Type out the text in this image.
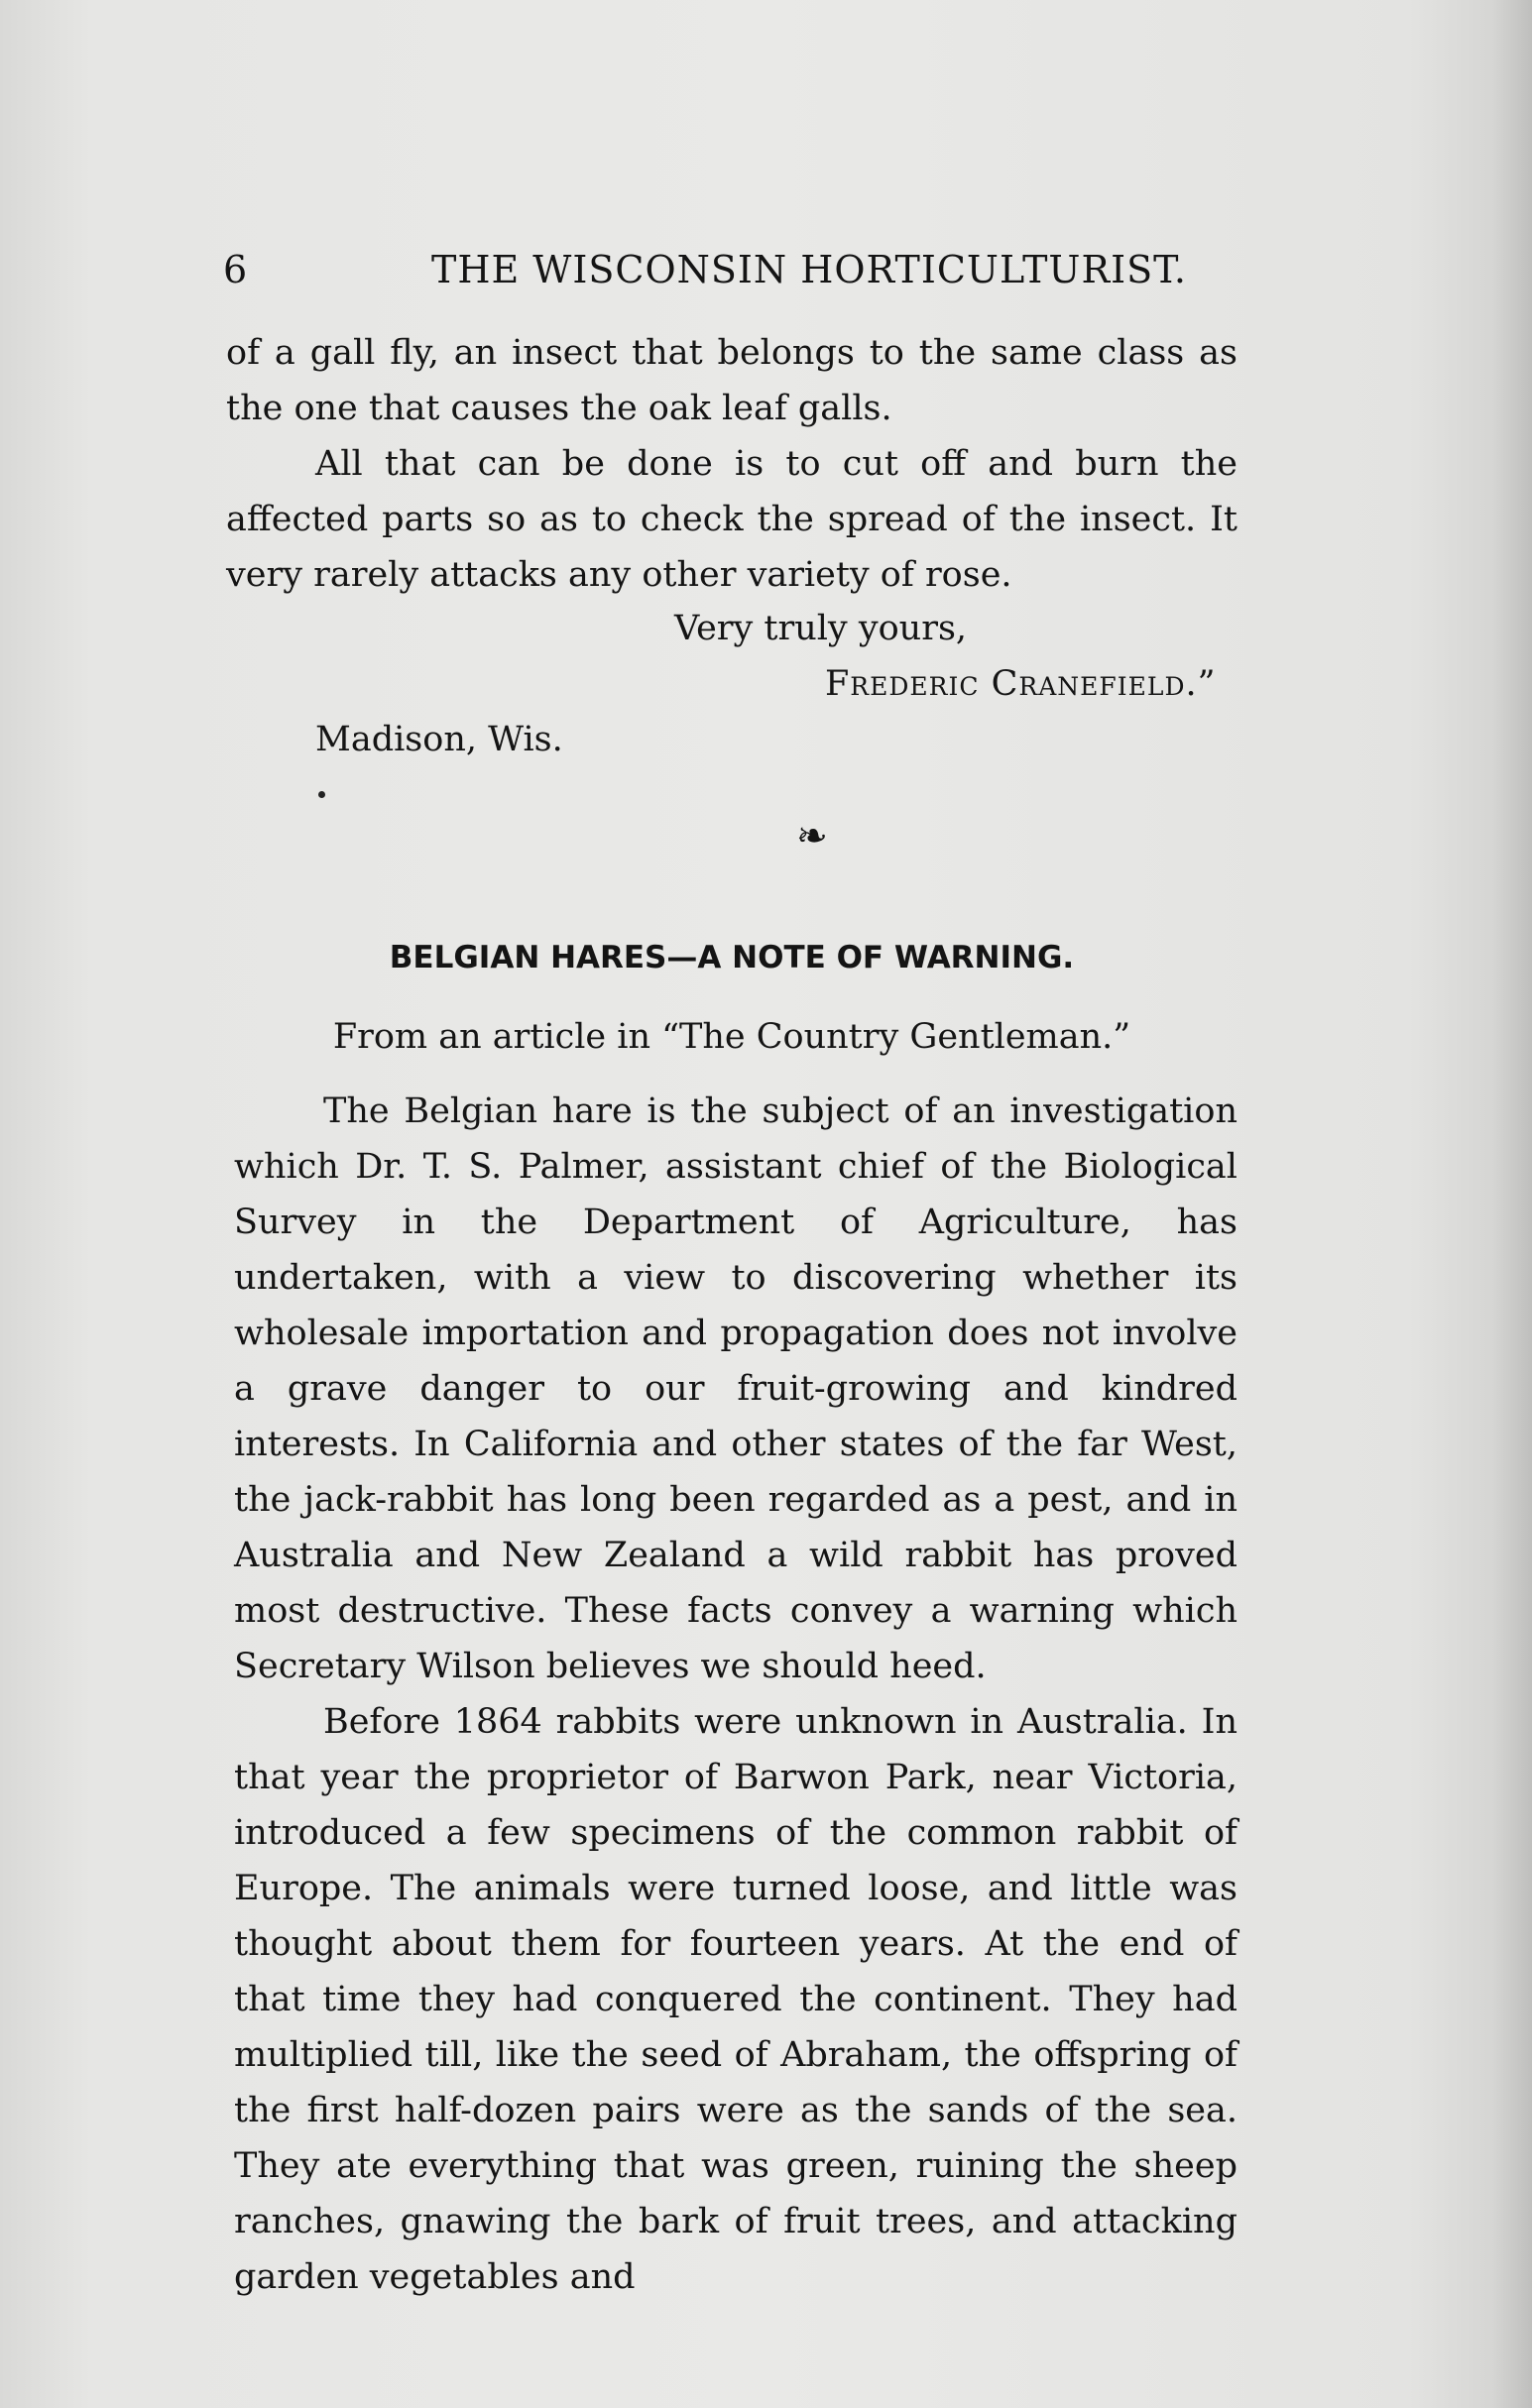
6	THE WISCONSIN HORTICULTURIST.

of a gall fly, an insect that belongs to the same class as the one that causes the oak leaf galls.

All that can be done is to cut off and burn the affected parts so as to check the spread of the insect. It very rarely attacks any other variety of rose.

Very truly yours,
Frederic Cranefield.”
Madison, Wis.
❧
BELGIAN HARES—A NOTE OF WARNING.
From an article in “The Country Gentleman.”

The Belgian hare is the subject of an investigation which Dr. T. S. Palmer, assistant chief of the Biological Survey in the Department of Agriculture, has undertaken, with a view to discovering whether its wholesale importation and propagation does not involve a grave danger to our fruit-growing and kindred interests. In California and other states of the far West, the jack-rabbit has long been regarded as a pest, and in Australia and New Zealand a wild rabbit has proved most destructive. These facts convey a warning which Secretary Wilson believes we should heed.

Before 1864 rabbits were unknown in Australia. In that year the proprietor of Barwon Park, near Victoria, introduced a few specimens of the common rabbit of Europe. The animals were turned loose, and little was thought about them for fourteen years. At the end of that time they had conquered the continent. They had multiplied till, like the seed of Abraham, the offspring of the first half-dozen pairs were as the sands of the sea. They ate everything that was green, ruining the sheep ranches, gnawing the bark of fruit trees, and attacking garden vegetables and
